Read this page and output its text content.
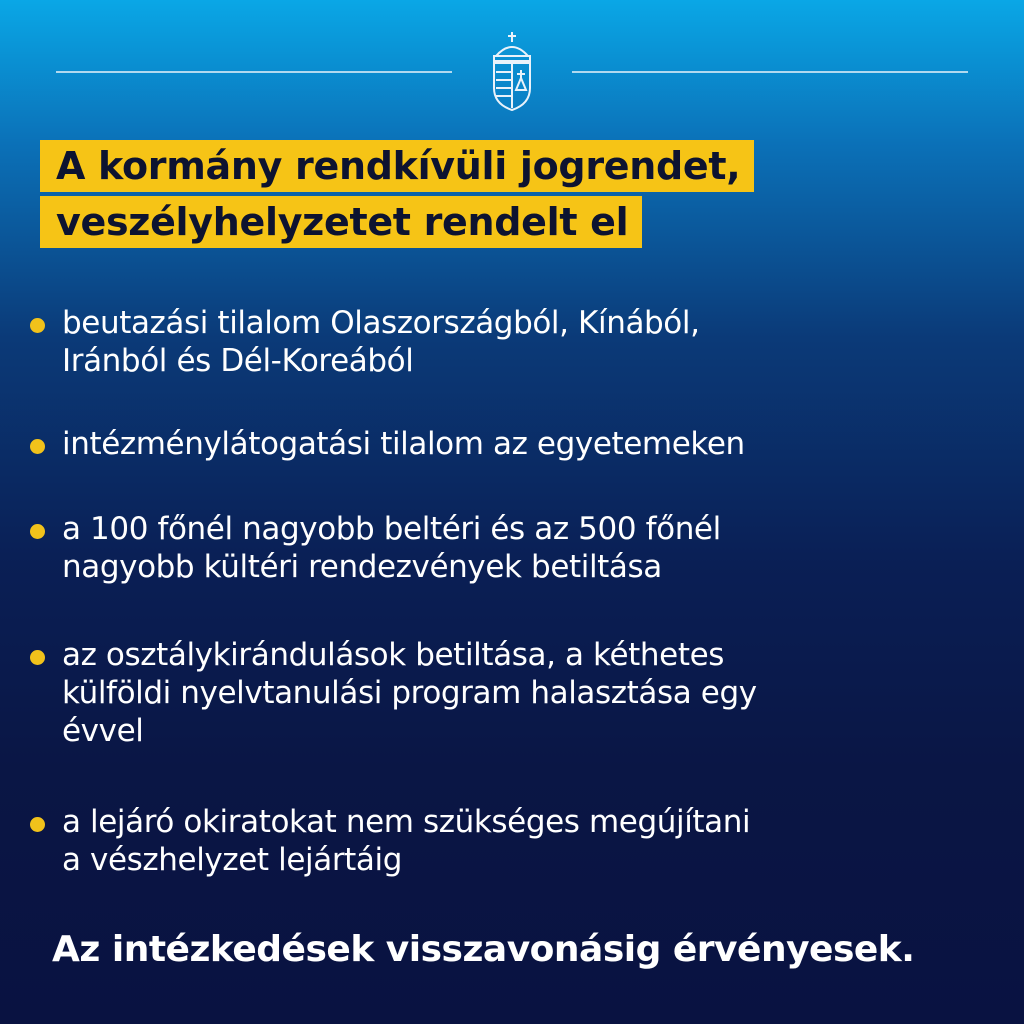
A kormány rendkívüli jogrendet,
veszélyhelyzetet rendelt el
beutazási tilalom Olaszországból, Kínából,
Iránból és Dél-Koreából
intézménylátogatási tilalom az egyetemeken
a 100 főnél nagyobb beltéri és az 500 főnél
nagyobb kültéri rendezvények betiltása
az osztálykirándulások betiltása, a kéthetes
külföldi nyelvtanulási program halasztása egy
évvel
a lejáró okiratokat nem szükséges megújítani
a vészhelyzet lejártáig
Az intézkedések visszavonásig érvényesek.
